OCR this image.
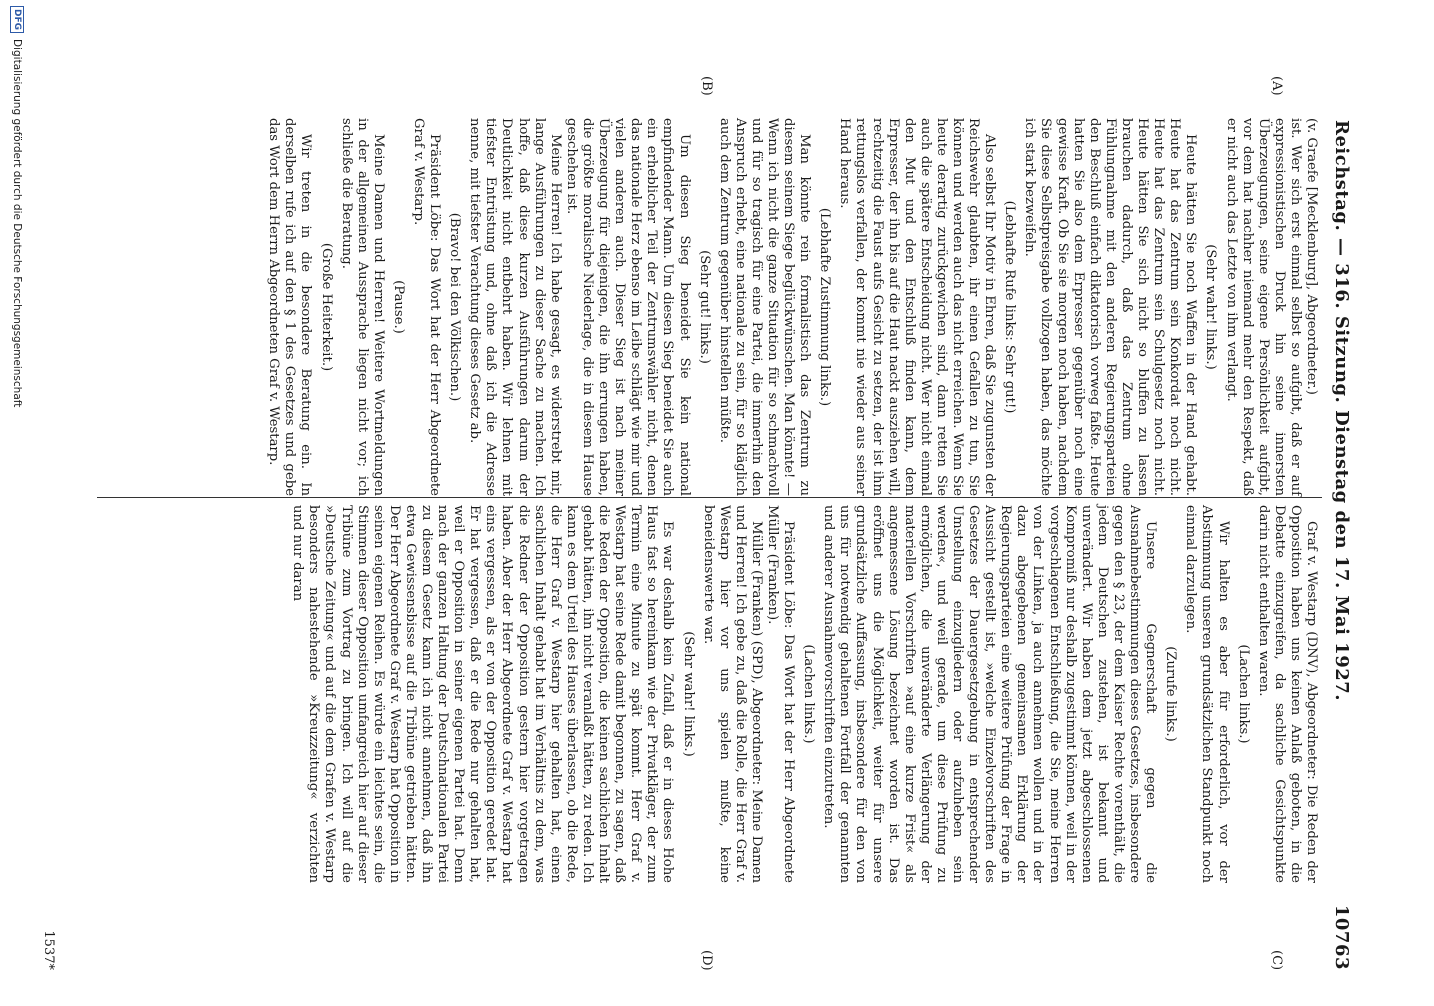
Reichstag. — 316. Sitzung. Dienstag den 17. Mai 1927.
10763
(A)
(B)
(C)
(D)

(v. Graefe [Mecklenburg], Abgeordneter.)

ist. Wer sich erst einmal selbst so aufgibt, daß er auf expressionistischen Druck hin seine innersten Überzeugungen, seine eigene Persönlichkeit aufgibt, vor dem hat nachher niemand mehr den Respekt, daß er nicht auch das Letzte von ihm verlangt.

(Sehr wahr! links.)

Heute hätten Sie noch Waffen in der Hand gehabt. Heute hat das Zentrum sein Konkordat noch nicht. Heute hat das Zentrum sein Schulgesetz noch nicht. Heute hätten Sie sich nicht so bluffen zu lassen brauchen dadurch, daß das Zentrum ohne Fühlungnahme mit den anderen Regierungsparteien den Beschluß einfach diktatorisch vorweg faßte. Heute hatten Sie also dem Erpresser gegenüber noch eine gewisse Kraft. Ob Sie sie morgen noch haben, nachdem Sie diese Selbstpreisgabe vollzogen haben, das möchte ich stark bezweifeln.

(Lebhafte Rufe links: Sehr gut!)

Also selbst Ihr Motiv in Ehren, daß Sie zugunsten der Reichswehr glaubten, ihr einen Gefallen zu tun, Sie können und werden auch das nicht erreichen. Wenn Sie heute derartig zurückgewichen sind, dann retten Sie auch die spätere Entscheidung nicht. Wer nicht einmal den Mut und den Entschluß finden kann, dem Erpresser, der ihn bis auf die Haut nackt ausziehen will, rechtzeitig die Faust aufs Gesicht zu setzen, der ist ihm rettungslos verfallen, der kommt nie wieder aus seiner Hand heraus.

(Lebhafte Zustimmung links.)

Man könnte rein formalistisch das Zentrum zu diesem seinem Siege beglückwünschen. Man könnte! — Wenn ich nicht die ganze Situation für so schmachvoll und für so tragisch für eine Partei, die immerhin den Anspruch erhebt, eine nationale zu sein, für so kläglich auch dem Zentrum gegenüber hinstellen müßte.

(Sehr gut! links.)

Um diesen Sieg beneidet Sie kein national empfindender Mann. Um diesen Sieg beneidet Sie auch ein erheblicher Teil der Zentrumswähler nicht, denen das nationale Herz ebenso im Leibe schlägt wie mir und vielen anderen auch. Dieser Sieg ist nach meiner Überzeugung für diejenigen, die ihn errungen haben, die größte moralische Niederlage, die in diesem Hause geschehen ist.

Meine Herren! Ich habe gesagt, es widerstrebt mir, lange Ausführungen zu dieser Sache zu machen. Ich hoffe, daß diese kurzen Ausführungen darum der Deutlichkeit nicht entbehrt haben. Wir lehnen mit tiefster Entrüstung und, ohne daß ich die Adresse nenne, mit tiefster Verachtung dieses Gesetz ab.

(Bravo! bei den Völkischen.)

Präsident Löbe: Das Wort hat der Herr Abgeordnete Graf v. Westarp.

(Pause.)

Meine Damen und Herren! Weitere Wortmeldungen in der allgemeinen Aussprache liegen nicht vor; ich schließe die Beratung.

(Große Heiterkeit.)

Wir treten in die besondere Beratung ein. In derselben rufe ich auf den § 1 des Gesetzes und gebe das Wort dem Herrn Abgeordneten Graf v. Westarp.

Graf v. Westarp (DNV), Abgeordneter: Die Reden der Opposition haben uns keinen Anlaß geboten, in die Debatte einzugreifen, da sachliche Gesichtspunkte darin nicht enthalten waren.

(Lachen links.)

Wir halten es aber für erforderlich, vor der Abstimmung unseren grundsätzlichen Standpunkt noch einmal darzulegen.

(Zurufe links.)

Unsere Gegnerschaft gegen die Ausnahmebestimmungen dieses Gesetzes, insbesondere gegen den § 23, der dem Kaiser Rechte vorenthält, die jedem Deutschen zustehen, ist bekannt und unverändert. Wir haben dem jetzt abgeschlossenen Kompromiß nur deshalb zugestimmt können, weil in der vorgeschlagenen Entschließung, die Sie, meine Herren von der Linken, ja auch annehmen wollen und in der dazu abgegebenen gemeinsamen Erklärung der Regierungsparteien eine weitere Prüfung der Frage in Aussicht gestellt ist, »welche Einzelvorschriften des Gesetzes der Dauergesetzgebung in entsprechender Umstellung einzugliedern oder aufzuheben sein werden«, und weil gerade, um diese Prüfung zu ermöglichen, die unveränderte Verlängerung der materiellen Vorschriften »auf eine kurze Frist« als angemessene Lösung bezeichnet worden ist. Das eröffnet uns die Möglichkeit, weiter für unsere grundsätzliche Auffassung, insbesondere für den von uns für notwendig gehaltenen Fortfall der genannten und anderer Ausnahmevorschriften einzutreten.

(Lachen links.)

Präsident Löbe: Das Wort hat der Herr Abgeordnete Müller (Franken).

Müller (Franken) (SPD), Abgeordneter: Meine Damen und Herren! Ich gebe zu, daß die Rolle, die Herr Graf v. Westarp hier vor uns spielen mußte, keine beneidenswerte war.

(Sehr wahr! links.)

Es war deshalb kein Zufall, daß er in dieses Hohe Haus fast so hereinkam wie der Privatkläger, der zum Termin eine Minute zu spät kommt. Herr Graf v. Westarp hat seine Rede damit begonnen, zu sagen, daß die Reden der Opposition, die keinen sachlichen Inhalt gehabt hätten, ihn nicht veranlaßt hätten, zu reden. Ich kann es dem Urteil des Hauses überlassen, ob die Rede, die Herr Graf v. Westarp hier gehalten hat, einen sachlichen Inhalt gehabt hat im Verhältnis zu dem, was die Redner der Opposition gestern hier vorgetragen haben. Aber der Herr Abgeordnete Graf v. Westarp hat eins vergessen, als er von der Opposition geredet hat. Er hat vergessen, daß er die Rede nur gehalten hat, weil er Opposition in seiner eigenen Partei hat. Denn nach der ganzen Haltung der Deutschnationalen Partei zu diesem Gesetz kann ich nicht annehmen, daß ihn etwa Gewissensbisse auf die Tribüne getrieben hätten. Der Herr Abgeordnete Graf v. Westarp hat Opposition in seinen eigenen Reihen. Es würde ein leichtes sein, die Stimmen dieser Opposition umfangreich hier auf dieser Tribüne zum Vortrag zu bringen. Ich will auf die »Deutsche Zeitung« und auf die dem Grafen v. Westarp besonders nahestehende »Kreuzzeitung« verzichten und nur daran

1537*
DFG
Digitalisierung gefördert durch die Deutsche Forschungsgemeinschaft
